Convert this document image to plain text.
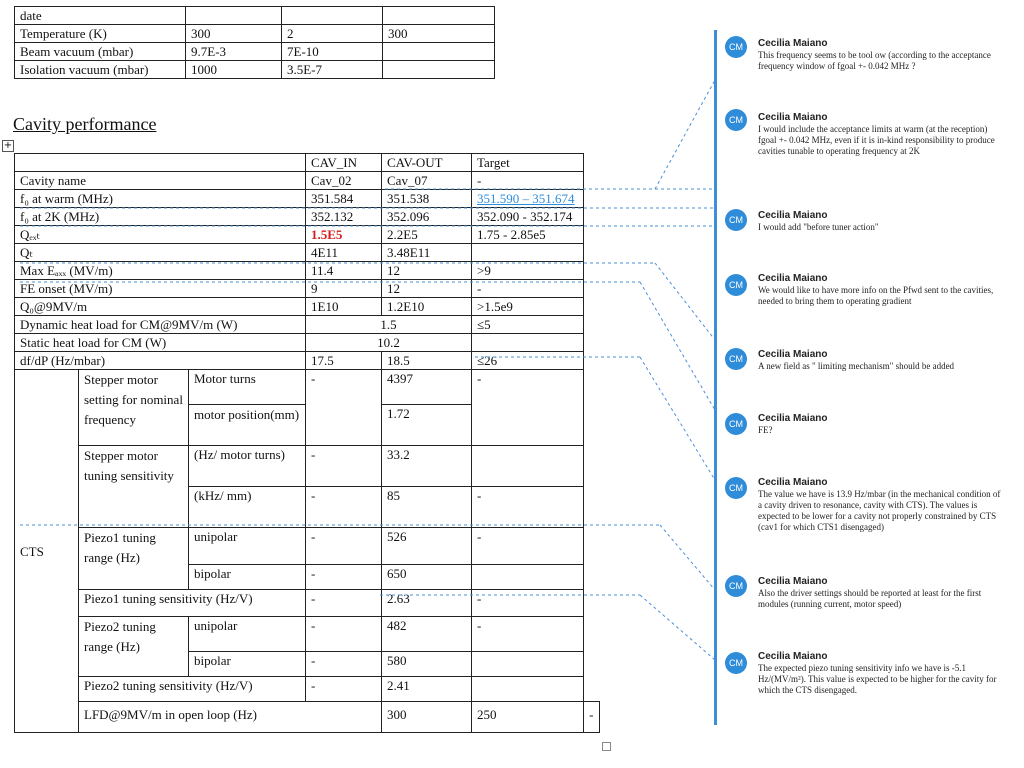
date			
Temperature (K)	300	2	300
Beam vacuum (mbar)	9.7E-3	7E-10	
Isolation vacuum (mbar)	1000	3.5E-7	
Cavity performance
+
			CAV_IN	CAV-OUT	Target	
Cavity name			Cav_02	Cav_07	-	
f₀ at warm (MHz)			351.584	351.538	351.590 – 351.674	
f₀ at 2K (MHz)			352.132	352.096	352.090 - 352.174	
Qₑₓₜ			1.5E5	2.2E5	1.75 - 2.85e5	
Qₜ			4E11	3.48E11		
Max Eₐₓₓ (MV/m)			11.4	12	>9	
FE onset (MV/m)			9	12	-	
Q₀@9MV/m			1E10	1.2E10	>1.5e9	
Dynamic heat load for CM@9MV/m (W)			1.5		≤5	
Static heat load for CM (W)			10.2			
df/dP (Hz/mbar)			17.5	18.5	≤26	
CTS	Stepper motor setting for nominal frequency	Motor turns	-	4397	-	
		motor position(mm)		1.72		
	Stepper motor tuning sensitivity	(Hz/ motor turns)	-	33.2		
		(kHz/ mm)	-	85	-	
	Piezo1 tuning range (Hz)	unipolar	-	526	-	
		bipolar	-	650		
	Piezo1 tuning sensitivity (Hz/V)		-	2.63	-	
	Piezo2 tuning range (Hz)	unipolar	-	482	-	
		bipolar	-	580		
	Piezo2 tuning sensitivity (Hz/V)		-	2.41		
	LFD@9MV/m in open loop (Hz)			300	250	-
CM	Cecilia Maiano
This frequency seems to be tool ow (according to the acceptance frequency window of fgoal +- 0.042 MHz ?
CM	Cecilia Maiano
I would include the acceptance limits at warm (at the reception) fgoal +- 0.042 MHz, even if it is in-kind responsibility to produce cavities tunable to operating frequency at 2K
CM	Cecilia Maiano
I would add "before tuner action"
CM
Cecilia Maiano
We would like to have more info on the Pfwd sent to the cavities, needed to bring them to operating gradient
CM	Cecilia Maiano
A new field as " limiting mechanism" should be added
CM	Cecilia Maiano
FE?
CM	Cecilia Maiano
The value we have is 13.9 Hz/mbar (in the mechanical condition of a cavity driven to resonance, cavity with CTS). The values is expected to be lower for a cavity not properly constrained by CTS (cav1 for which CTS1 disengaged)
CM	Cecilia Maiano
Also the driver settings should be reported at least for the first modules (running current, motor speed)
CM
Cecilia Maiano
The expected piezo tuning sensitivity info we have is -5.1 Hz/(MV/m²). This value is expected to be higher for the cavity for which the CTS disengaged.
